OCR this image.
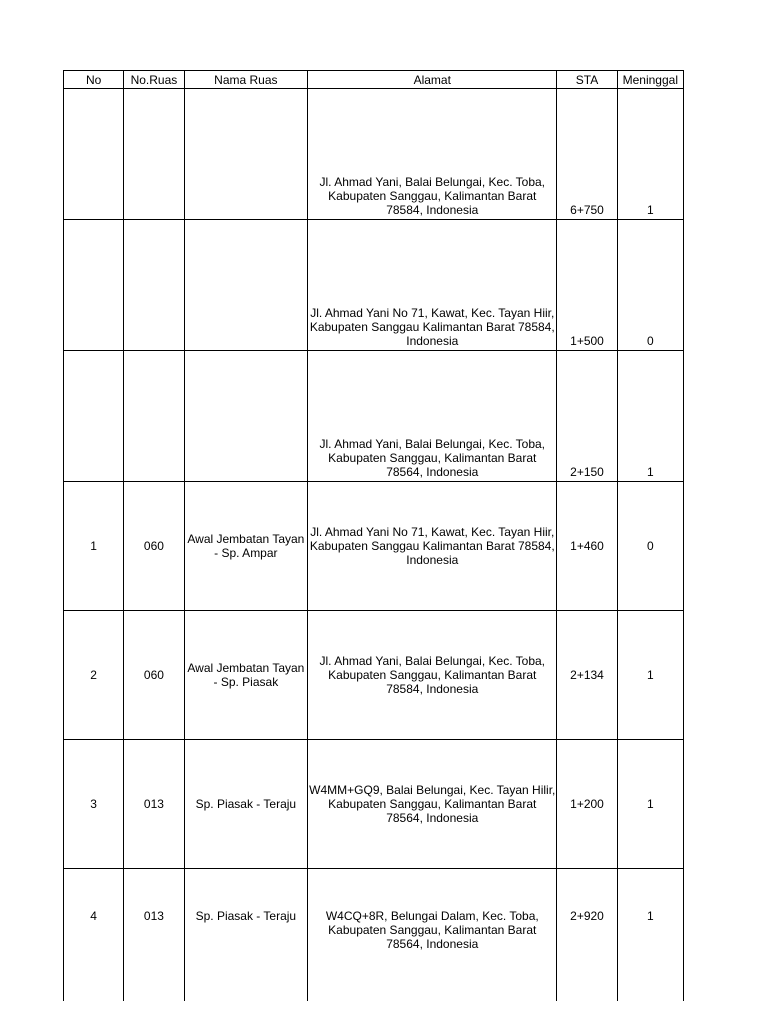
No	No.Ruas	Nama Ruas	Alamat	STA	Meninggal
			Jl. Ahmad Yani, Balai Belungai, Kec. Toba, Kabupaten Sanggau, Kalimantan Barat 78584, Indonesia	6+750	1
			Jl. Ahmad Yani No 71, Kawat, Kec. Tayan Hiir, Kabupaten Sanggau Kalimantan Barat 78584, Indonesia	1+500	0
			Jl. Ahmad Yani, Balai Belungai, Kec. Toba, Kabupaten Sanggau, Kalimantan Barat 78564, Indonesia	2+150	1
1	060	Awal Jembatan Tayan - Sp. Ampar	Jl. Ahmad Yani No 71, Kawat, Kec. Tayan Hiir, Kabupaten Sanggau Kalimantan Barat 78584, Indonesia	1+460	0
2	060	Awal Jembatan Tayan - Sp. Piasak	Jl. Ahmad Yani, Balai Belungai, Kec. Toba, Kabupaten Sanggau, Kalimantan Barat 78584, Indonesia	2+134	1
3	013	Sp. Piasak - Teraju	W4MM+GQ9, Balai Belungai, Kec. Tayan Hilir, Kabupaten Sanggau, Kalimantan Barat 78564, Indonesia	1+200	1
4	013	Sp. Piasak - Teraju	W4CQ+8R, Belungai Dalam, Kec. Toba, Kabupaten Sanggau, Kalimantan Barat 78564, Indonesia	2+920	1
